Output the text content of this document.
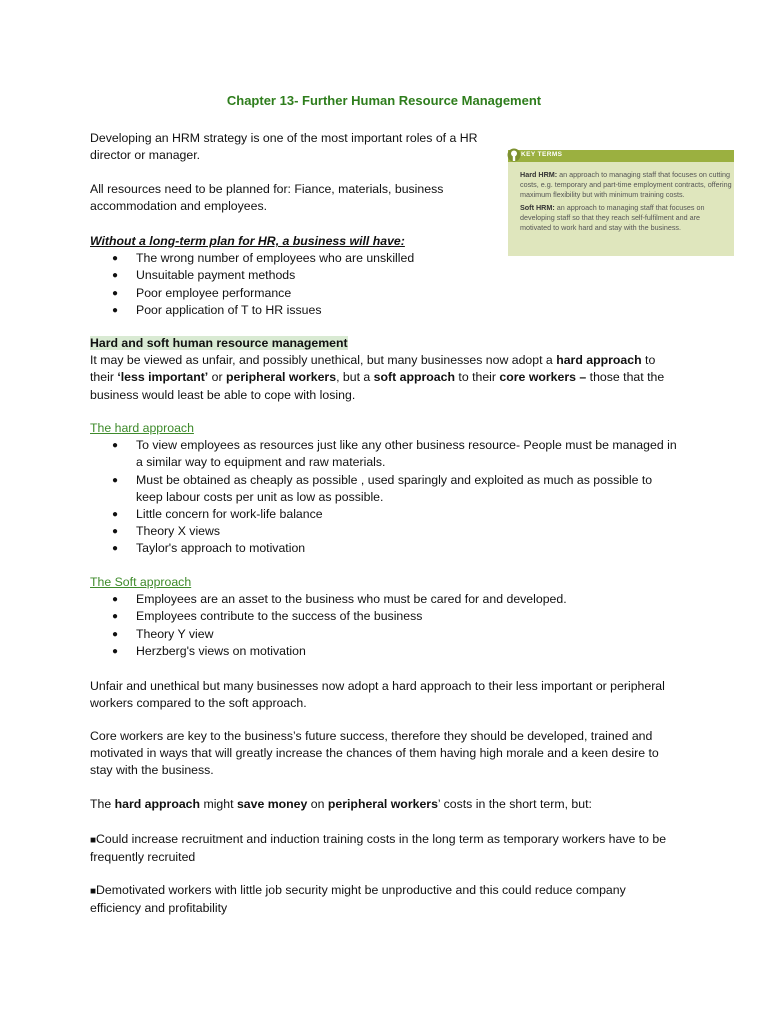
Chapter 13- Further Human Resource Management
Developing an HRM strategy is one of the most important roles of a HR
director or manager.
All resources need to be planned for: Fiance, materials, business
accommodation and employees.
Without a long-term plan for HR, a business will have:
● The wrong number of employees who are unskilled
● Unsuitable payment methods
● Poor employee performance
● Poor application of T to HR issues
Hard and soft human resource management

It may be viewed as unfair, and possibly unethical, but many businesses now adopt a hard approach to their ‘less important’ or peripheral workers, but a soft approach to their core workers – those that the business would least be able to cope with losing.

The hard approach
● To view employees as resources just like any other business resource- People must be managed in a similar way to equipment and raw materials.
● Must be obtained as cheaply as possible , used sparingly and exploited as much as possible to keep labour costs per unit as low as possible.
● Little concern for work-life balance
● Theory X views
● Taylor's approach to motivation
The Soft approach
● Employees are an asset to the business who must be cared for and developed.
● Employees contribute to the success of the business
● Theory Y view
● Herzberg's views on motivation
Unfair and unethical but many businesses now adopt a hard approach to their less important or peripheral workers compared to the soft approach.
Core workers are key to the business’s future success, therefore they should be developed, trained and motivated in ways that will greatly increase the chances of them having high morale and a keen desire to stay with the business.
The hard approach might save money on peripheral workers’ costs in the short term, but:
■ Could increase recruitment and induction training costs in the long term as temporary workers have to be frequently recruited
■ Demotivated workers with little job security might be unproductive and this could reduce company efficiency and profitability
KEY TERMS

Hard HRM: an approach to managing staff that focuses on cutting costs, e.g. temporary and part-time employment contracts, offering maximum flexibility but with minimum training costs.

Soft HRM: an approach to managing staff that focuses on developing staff so that they reach self-fulfilment and are motivated to work hard and stay with the business.
